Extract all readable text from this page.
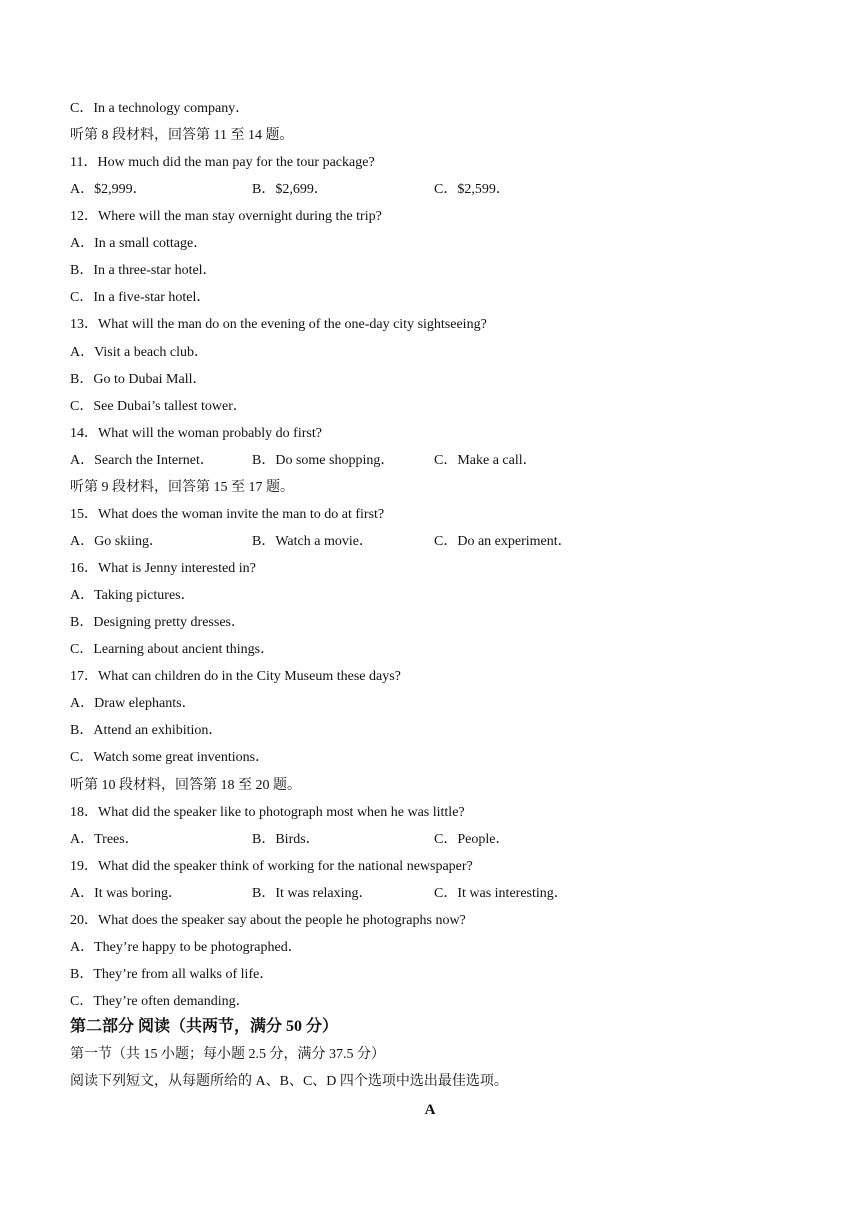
C．In a technology company．
听第 8 段材料，回答第 11 至 14 题。
11．How much did the man pay for the tour package?
A．$2,999．	B．$2,699．	C．$2,599．
12．Where will the man stay overnight during the trip?
A．In a small cottage．
B．In a three-star hotel．
C．In a five-star hotel．
13．What will the man do on the evening of the one-day city sightseeing?
A．Visit a beach club．
B．Go to Dubai Mall．
C．See Dubai’s tallest tower．
14．What will the woman probably do first?
A．Search the Internet．	B．Do some shopping．	C．Make a call．
听第 9 段材料，回答第 15 至 17 题。
15．What does the woman invite the man to do at first?
A．Go skiing．	B．Watch a movie．	C．Do an experiment．
16．What is Jenny interested in?
A．Taking pictures．
B．Designing pretty dresses．
C．Learning about ancient things．
17．What can children do in the City Museum these days?
A．Draw elephants．
B．Attend an exhibition．
C．Watch some great inventions．
听第 10 段材料，回答第 18 至 20 题。
18．What did the speaker like to photograph most when he was little?
A．Trees．	B．Birds．	C．People．
19．What did the speaker think of working for the national newspaper?
A．It was boring．	B．It was relaxing．	C．It was interesting．
20．What does the speaker say about the people he photographs now?
A．They’re happy to be photographed．
B．They’re from all walks of life．
C．They’re often demanding．
第二部分 阅读（共两节，满分 50 分）
第一节（共 15 小题；每小题 2.5 分，满分 37.5 分）
阅读下列短文，从每题所给的 A、B、C、D 四个选项中选出最佳选项。
A
